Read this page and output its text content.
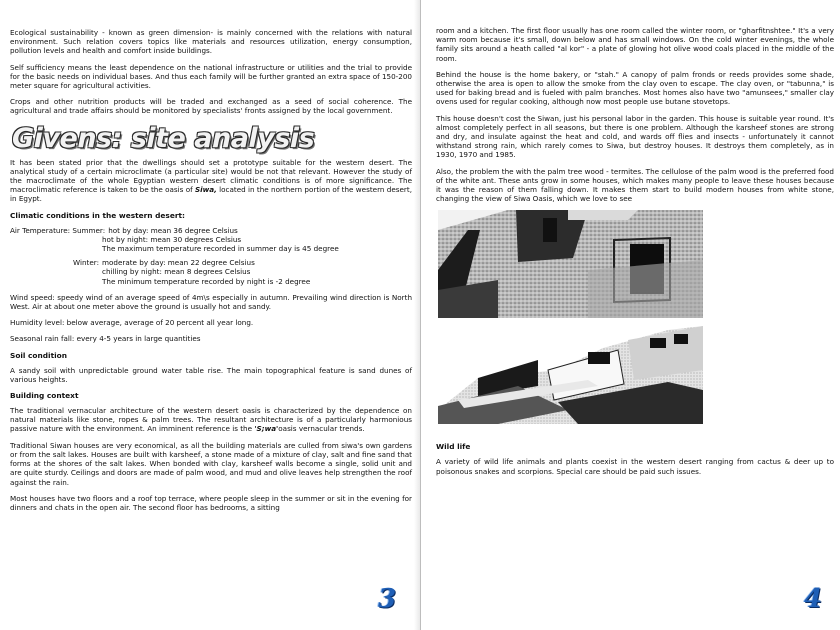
Ecological sustainability - known as green dimension- is mainly concerned with the relations with natural environment. Such relation covers topics like materials and resources utilization, energy consumption, pollution levels and health and comfort inside buildings.

Self sufficiency means the least dependence on the national infrastructure or utilities and the trial to provide for the basic needs on individual bases. And thus each family will be further granted an extra space of 150-200 meter square for agricultural activities.

Crops and other nutrition products will be traded and exchanged as a seed of social coherence. The agricultural and trade affairs should be monitored by specialists' fronts assigned by the local government.

Givens: site analysis

It has been stated prior that the dwellings should set a prototype suitable for the western desert. The analytical study of a certain microclimate (a particular site) would be not that relevant. However the study of the macroclimate of the whole Egyptian western desert climatic conditions is of more significance. The macroclimatic reference is taken to be the oasis of Siwa, located in the northern portion of the western desert, in Egypt.

Climatic conditions in the western desert:
Air Temperature: Summer: hot by day: mean 36 degree Celsius
hot by night: mean 30 degrees Celsius
The maximum temperature recorded in summer day is 45 degree
Winter: moderate by day: mean 22 degree Celsius
chilling by night: mean 8 degrees Celsius
The minimum temperature recorded by night is -2 degree

Wind speed: speedy wind of an average speed of 4m\s especially in autumn. Prevailing wind direction is North West. Air at about one meter above the ground is usually hot and sandy.

Humidity level: below average, average of 20 percent all year long.

Seasonal rain fall: every 4-5 years in large quantities

Soil condition

A sandy soil with unpredictable ground water table rise. The main topographical feature is sand dunes of various heights.

Building context

The traditional vernacular architecture of the western desert oasis is characterized by the dependence on natural materials like stone, ropes & palm trees. The resultant architecture is of a particularly harmonious passive nature with the environment. An imminent reference is the 'S;wa'oasis vernacular trends.

Traditional Siwan houses are very economical, as all the building materials are culled from siwa's own gardens or from the salt lakes. Houses are built with karsheef, a stone made of a mixture of clay, salt and fine sand that forms at the shores of the salt lakes. When bonded with clay, karsheef walls become a single, solid unit and are quite sturdy. Ceilings and doors are made of palm wood, and mud and olive leaves help strengthen the roof against the rain.

Most houses have two floors and a roof top terrace, where people sleep in the summer or sit in the evening for dinners and chats in the open air. The second floor has bedrooms, a sitting

3

room and a kitchen. The first floor usually has one room called the winter room, or "gharfitnshtee." It's a very warm room because it's small, down below and has small windows. On the cold winter evenings, the whole family sits around a heath called "al kor" - a plate of glowing hot olive wood coals placed in the middle of the room.

Behind the house is the home bakery, or "stah." A canopy of palm fronds or reeds provides some shade, otherwise the area is open to allow the smoke from the clay oven to escape. The clay oven, or "tabunna," is used for baking bread and is fueled with palm branches. Most homes also have two "amunsees," smaller clay ovens used for regular cooking, although now most people use butane stovetops.

This house doesn't cost the Siwan, just his personal labor in the garden. This house is suitable year round. It's almost completely perfect in all seasons, but there is one problem. Although the karsheef stones are strong and dry, and insulate against the heat and cold, and wards off flies and insects - unfortunately it cannot withstand strong rain, which rarely comes to Siwa, but destroy houses. It destroys them completely, as in 1930, 1970 and 1985.

Also, the problem the with the palm tree wood - termites. The cellulose of the palm wood is the preferred food of the white ant. These ants grow in some houses, which makes many people to leave these houses because it was the reason of them falling down. It makes them start to build modern houses from white stone, changing the view of Siwa Oasis, which we love to see

Wild life

A variety of wild life animals and plants coexist in the western desert ranging from cactus & deer up to poisonous snakes and scorpions. Special care should be paid such issues.

4
